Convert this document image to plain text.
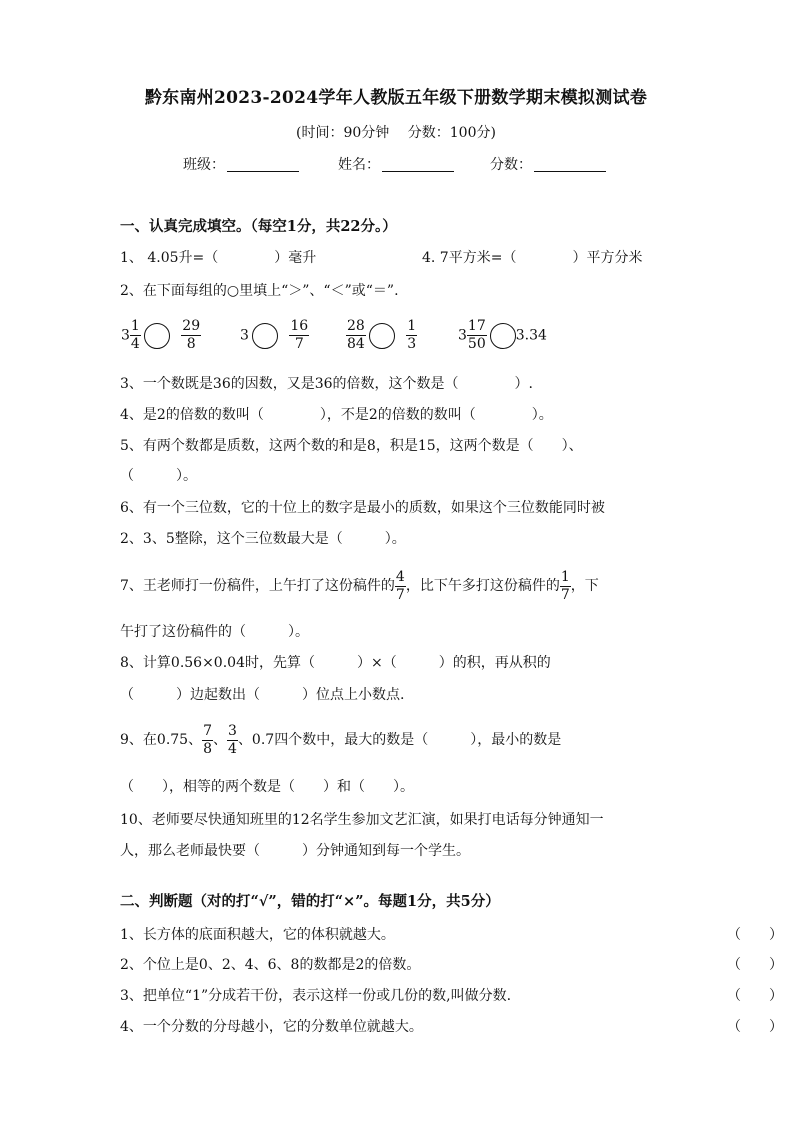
黔东南州2023-2024学年人教版五年级下册数学期末模拟测试卷
(时间：90分钟　 分数：100分)
班级：	姓名：	分数：
一、认真完成填空。（每空1分，共22分。）
1、 4.05升=（　　　　）毫升	4. 7平方米=（　　　　）平方分米
2、在下面每组的○里填上“＞”、“＜”或“＝”.
$3 \frac{1}{4}$
	$\frac{29}{8}$	3	$\frac{16}{7}$	$\frac{28}{84}$
	$\frac{1}{3}$	$3 \frac{17}{50} 3.34$
3、一个数既是36的因数，又是36的倍数，这个数是（　　　　）.
4、是2的倍数的数叫（　　　　），不是2的倍数的数叫（　　　　）。
5、有两个数都是质数，这两个数的和是8，积是15，这两个数是（　　）、
（　　　）。
6、有一个三位数，它的十位上的数字是最小的质数，如果这个三位数能同时被
2、3、5整除，这个三位数最大是（　　　）。
7、王老师打一份稿件，上午打了这份稿件的 $\frac{4}{7}$ ，比下午多打这份稿件的 $\frac{1}{7}$ ，下
午打了这份稿件的（　　　）。
8、计算0.56×0.04时，先算（　　　）×（　　　）的积，再从积的
（　　　）边起数出（　　　）位点上小数点.
9、在0.75、 $\frac{7}{8}$ 、 $\frac{3}{4}$ 、0.7四个数中，最大的数是（　　　），最小的数是
（　　），相等的两个数是（　　）和（　　）。
10、老师要尽快通知班里的12名学生参加文艺汇演，如果打电话每分钟通知一
人，那么老师最快要（　　　）分钟通知到每一个学生。
二、判断题（对的打“√”，错的打“×”。每题1分，共5分）
1、长方体的底面积越大，它的体积就越大。	（　　）
2、个位上是0、2、4、6、8的数都是2的倍数。	（　　）
3、把单位“1”分成若干份，表示这样一份或几份的数,叫做分数.	（　　）
4、一个分数的分母越小，它的分数单位就越大。	（　　）
